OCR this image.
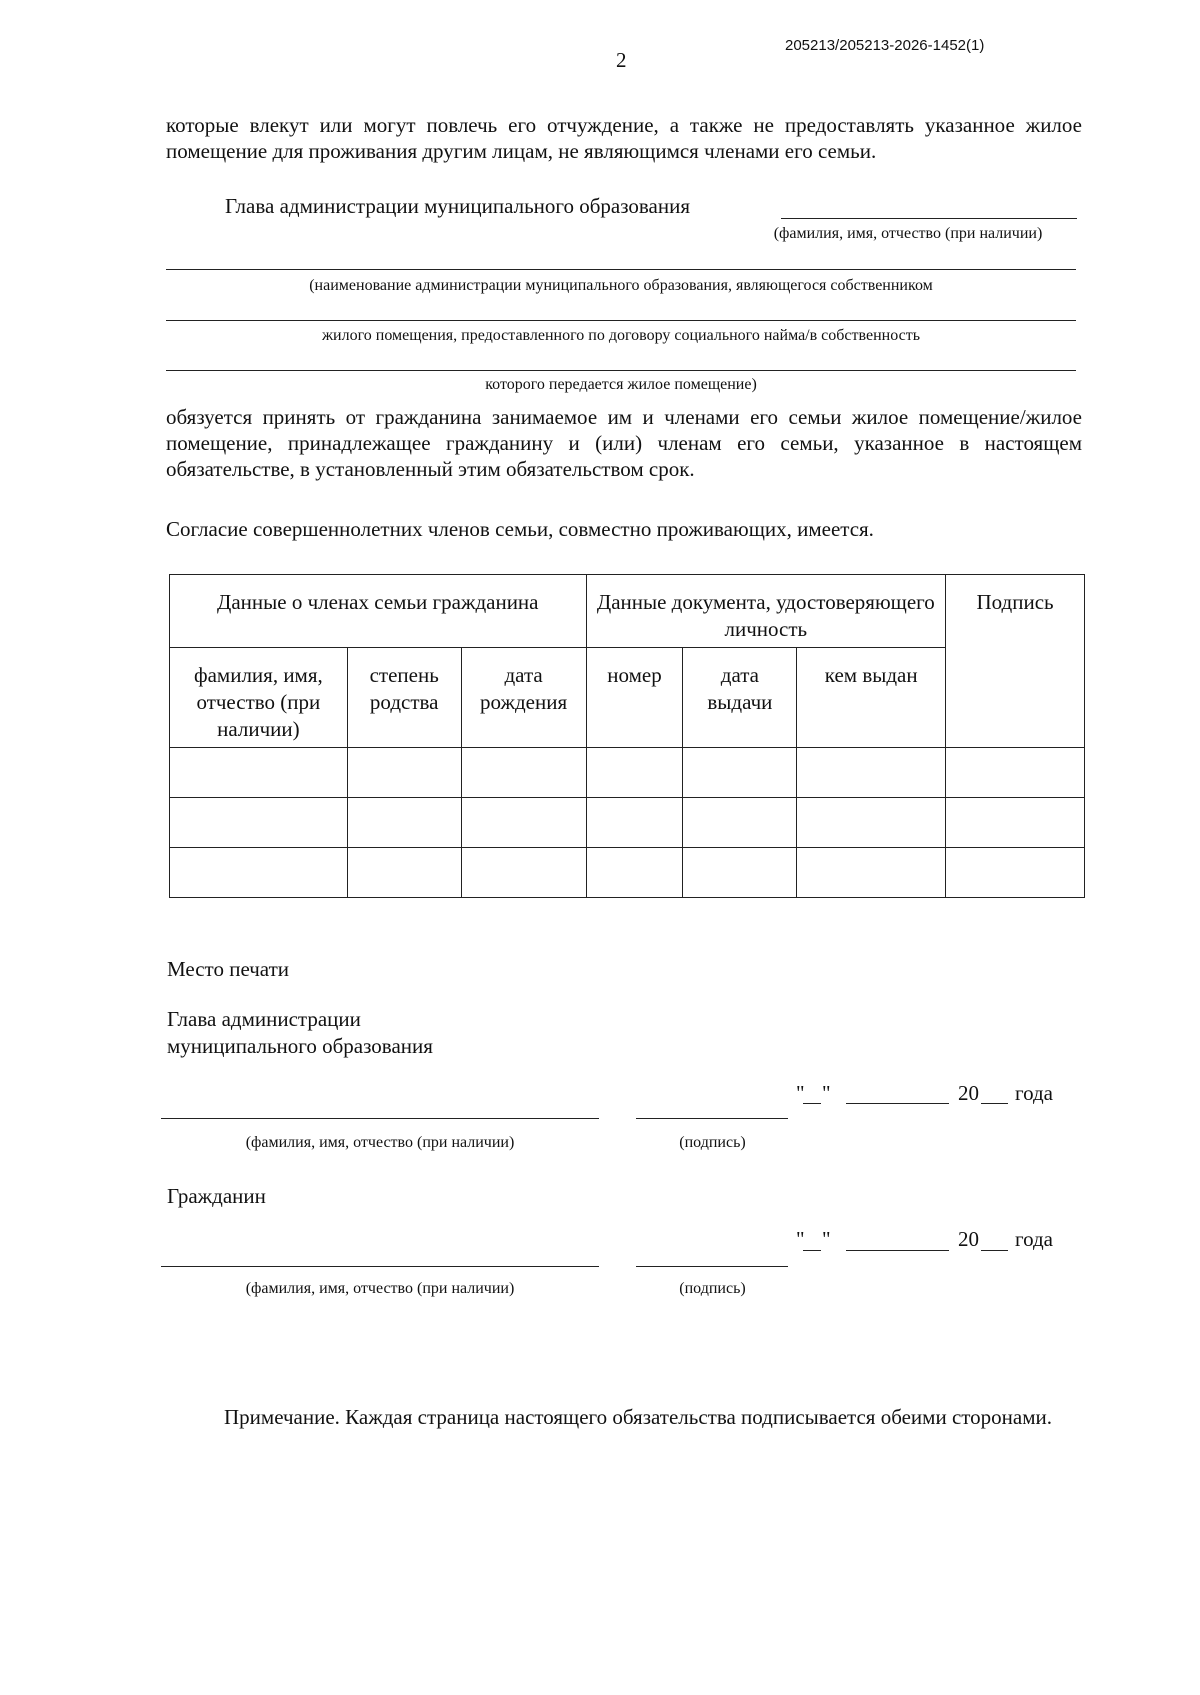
205213/205213-2026-1452(1)
2
которые влекут или могут повлечь его отчуждение, а также не предоставлять указанное жилое помещение для проживания другим лицам, не являющимся членами его семьи.
Глава администрации муниципального образования
(фамилия, имя, отчество (при наличии)
(наименование администрации муниципального образования, являющегося собственником
жилого помещения, предоставленного по договору социального найма/в собственность
которого передается жилое помещение)
обязуется принять от гражданина занимаемое им и членами его семьи жилое помещение/жилое помещение, принадлежащее гражданину и (или) членам его семьи, указанное в настоящем обязательстве, в установленный этим обязательством срок.
Согласие совершеннолетних членов семьи, совместно проживающих, имеется.
Данные о членах семьи гражданина			Данные документа, удостоверяющего личность			Подпись
фамилия, имя, отчество (при наличии)	степень родства	дата рождения	номер	дата выдачи	кем выдан	

Место печати
Глава администрации
муниципального образования
" "	20 года
(фамилия, имя, отчество (при наличии)	(подпись)
Гражданин
" "	20 года
(фамилия, имя, отчество (при наличии)	(подпись)
Примечание. Каждая страница настоящего обязательства подписывается обеими сторонами.
